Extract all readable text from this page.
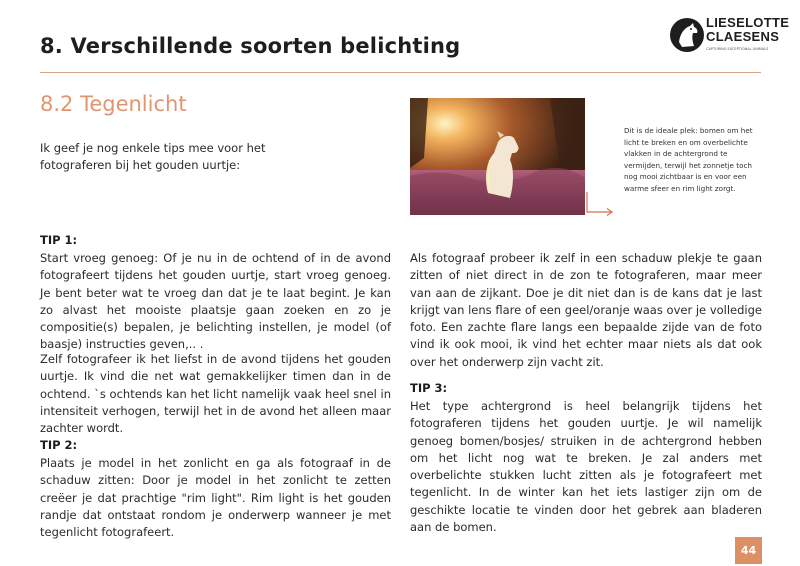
8. Verschillende soorten belichting
LIESELOTTE
CLAESENS
CAPTURING EXCEPTIONAL ANIMALS
8.2 Tegenlicht
Ik geef je nog enkele tips mee voor het fotograferen bij het gouden uurtje:
Dit is de ideale plek: bomen om het licht te breken en om overbelichte vlakken in de achtergrond te vermijden, terwijl het zonnetje toch nog mooi zichtbaar is en voor een warme sfeer en rim light zorgt.
TIP 1:
Start vroeg genoeg: Of je nu in de ochtend of in de avond fotografeert tijdens het gouden uurtje, start vroeg genoeg. Je bent beter wat te vroeg dan dat je te laat begint. Je kan zo alvast het mooiste plaatsje gaan zoeken en zo je compositie(s) bepalen, je belichting instellen, je model (of baasje) instructies geven,.. .
Zelf fotografeer ik het liefst in de avond tijdens het gouden uurtje. Ik vind die net wat gemakkelijker timen dan in de ochtend. `s ochtends kan het licht namelijk vaak heel snel in intensiteit verhogen, terwijl het in de avond het alleen maar zachter wordt.
TIP 2:
Plaats je model in het zonlicht en ga als fotograaf in de schaduw zitten: Door je model in het zonlicht te zetten creëer je dat prachtige "rim light". Rim light is het gouden randje dat ontstaat rondom je onderwerp wanneer je met tegenlicht fotografeert.
Als fotograaf probeer ik zelf in een schaduw plekje te gaan zitten of niet direct in de zon te fotograferen, maar meer van aan de zijkant. Doe je dit niet dan is de kans dat je last krijgt van lens flare of een geel/oranje waas over je volledige foto. Een zachte flare langs een bepaalde zijde van de foto vind ik ook mooi, ik vind het echter maar niets als dat ook over het onderwerp zijn vacht zit.
TIP 3:
Het type achtergrond is heel belangrijk tijdens het fotograferen tijdens het gouden uurtje. Je wil namelijk genoeg bomen/bosjes/ struiken in de achtergrond hebben om het licht nog wat te breken. Je zal anders met overbelichte stukken lucht zitten als je fotografeert met tegenlicht. In de winter kan het iets lastiger zijn om de geschikte locatie te vinden door het gebrek aan bladeren aan de bomen.
44
